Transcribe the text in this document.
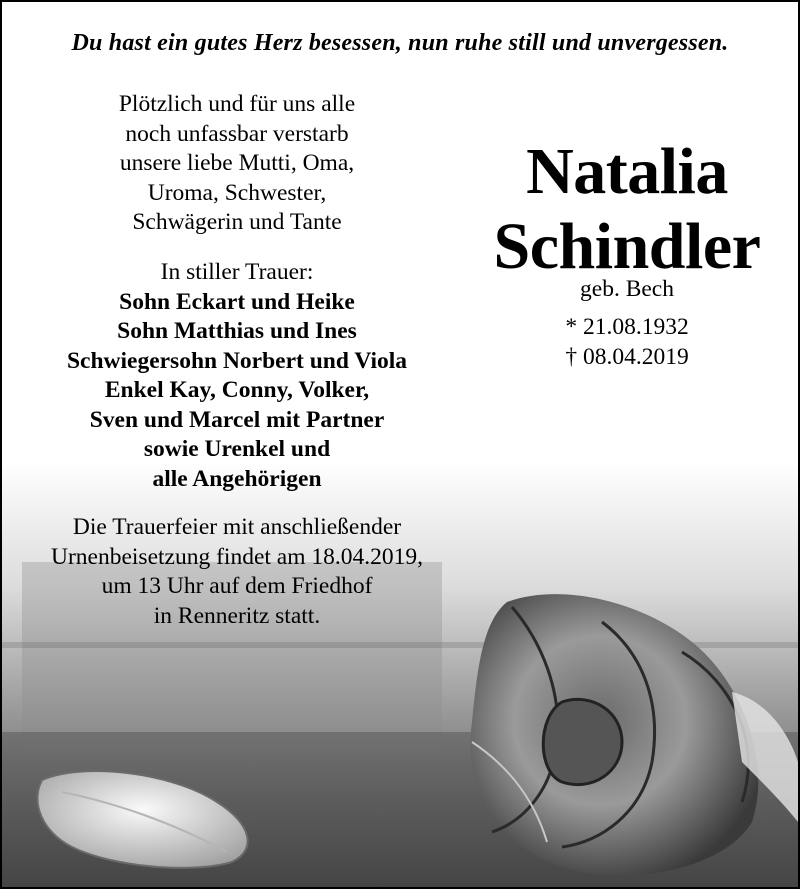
Du hast ein gutes Herz besessen, nun ruhe still und unvergessen.
Plötzlich und für uns alle
noch unfassbar verstarb
unsere liebe Mutti, Oma,
Uroma, Schwester,
Schwägerin und Tante
In stiller Trauer:
Sohn Eckart und Heike
Sohn Matthias und Ines
Schwiegersohn Norbert und Viola
Enkel Kay, Conny, Volker,
Sven und Marcel mit Partner
sowie Urenkel und
alle Angehörigen
Die Trauerfeier mit anschließender
Urnenbeisetzung findet am 18.04.2019,
um 13 Uhr auf dem Friedhof
in Renneritz statt.
Natalia
Schindler
geb. Bech
* 21.08.1932
† 08.04.2019
